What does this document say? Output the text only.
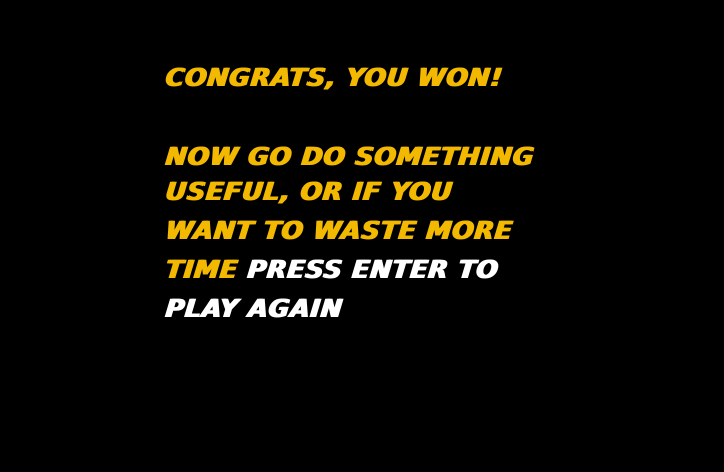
CONGRATS, YOU WON!

NOW GO DO SOMETHING

USEFUL, OR IF YOU

WANT TO WASTE MORE

TIME PRESS ENTER TO

PLAY AGAIN
